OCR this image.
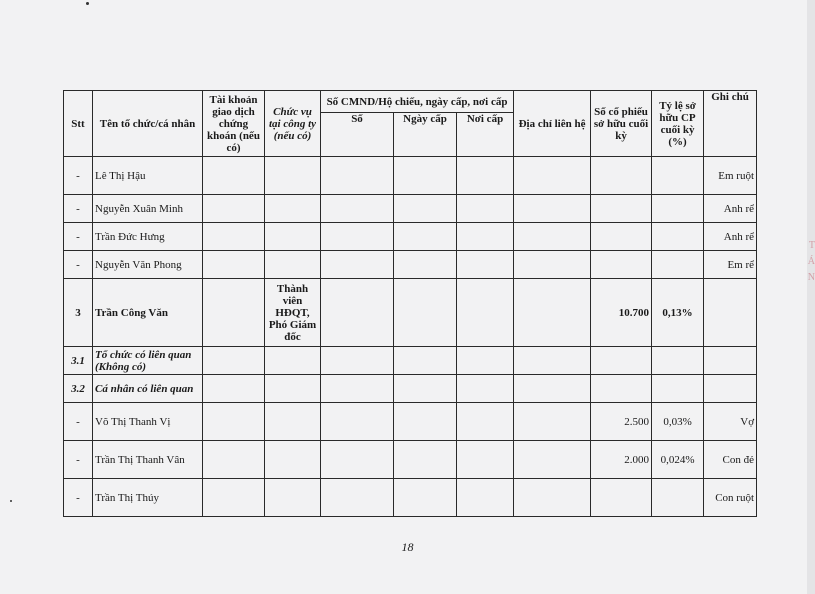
T Á N
Stt	Tên tổ chức/cá nhân	Tài khoản giao dịch chứng khoán (nếu có)	Chức vụ tại công ty (nếu có)	Số CMND/Hộ chiếu, ngày cấp, nơi cấp			Địa chỉ liên hệ	Số cổ phiếu sở hữu cuối kỳ	Tỷ lệ sở hữu CP cuối kỳ (%)	Ghi chú
				Số	Ngày cấp	Nơi cấp				
-	Lê Thị Hậu									Em ruột
-	Nguyễn Xuân Minh									Anh rể
-	Trần Đức Hưng									Anh rể
-	Nguyễn Văn Phong									Em rể
3	Trần Công Văn		Thành viên HĐQT, Phó Giám đốc					10.700	0,13%	
3.1	Tổ chức có liên quan (Không có)									
3.2	Cá nhân có liên quan									
-	Võ Thị Thanh Vị							2.500	0,03%	Vợ
-	Trần Thị Thanh Vân							2.000	0,024%	Con đẻ
-	Trần Thị Thúy									Con ruột
18
